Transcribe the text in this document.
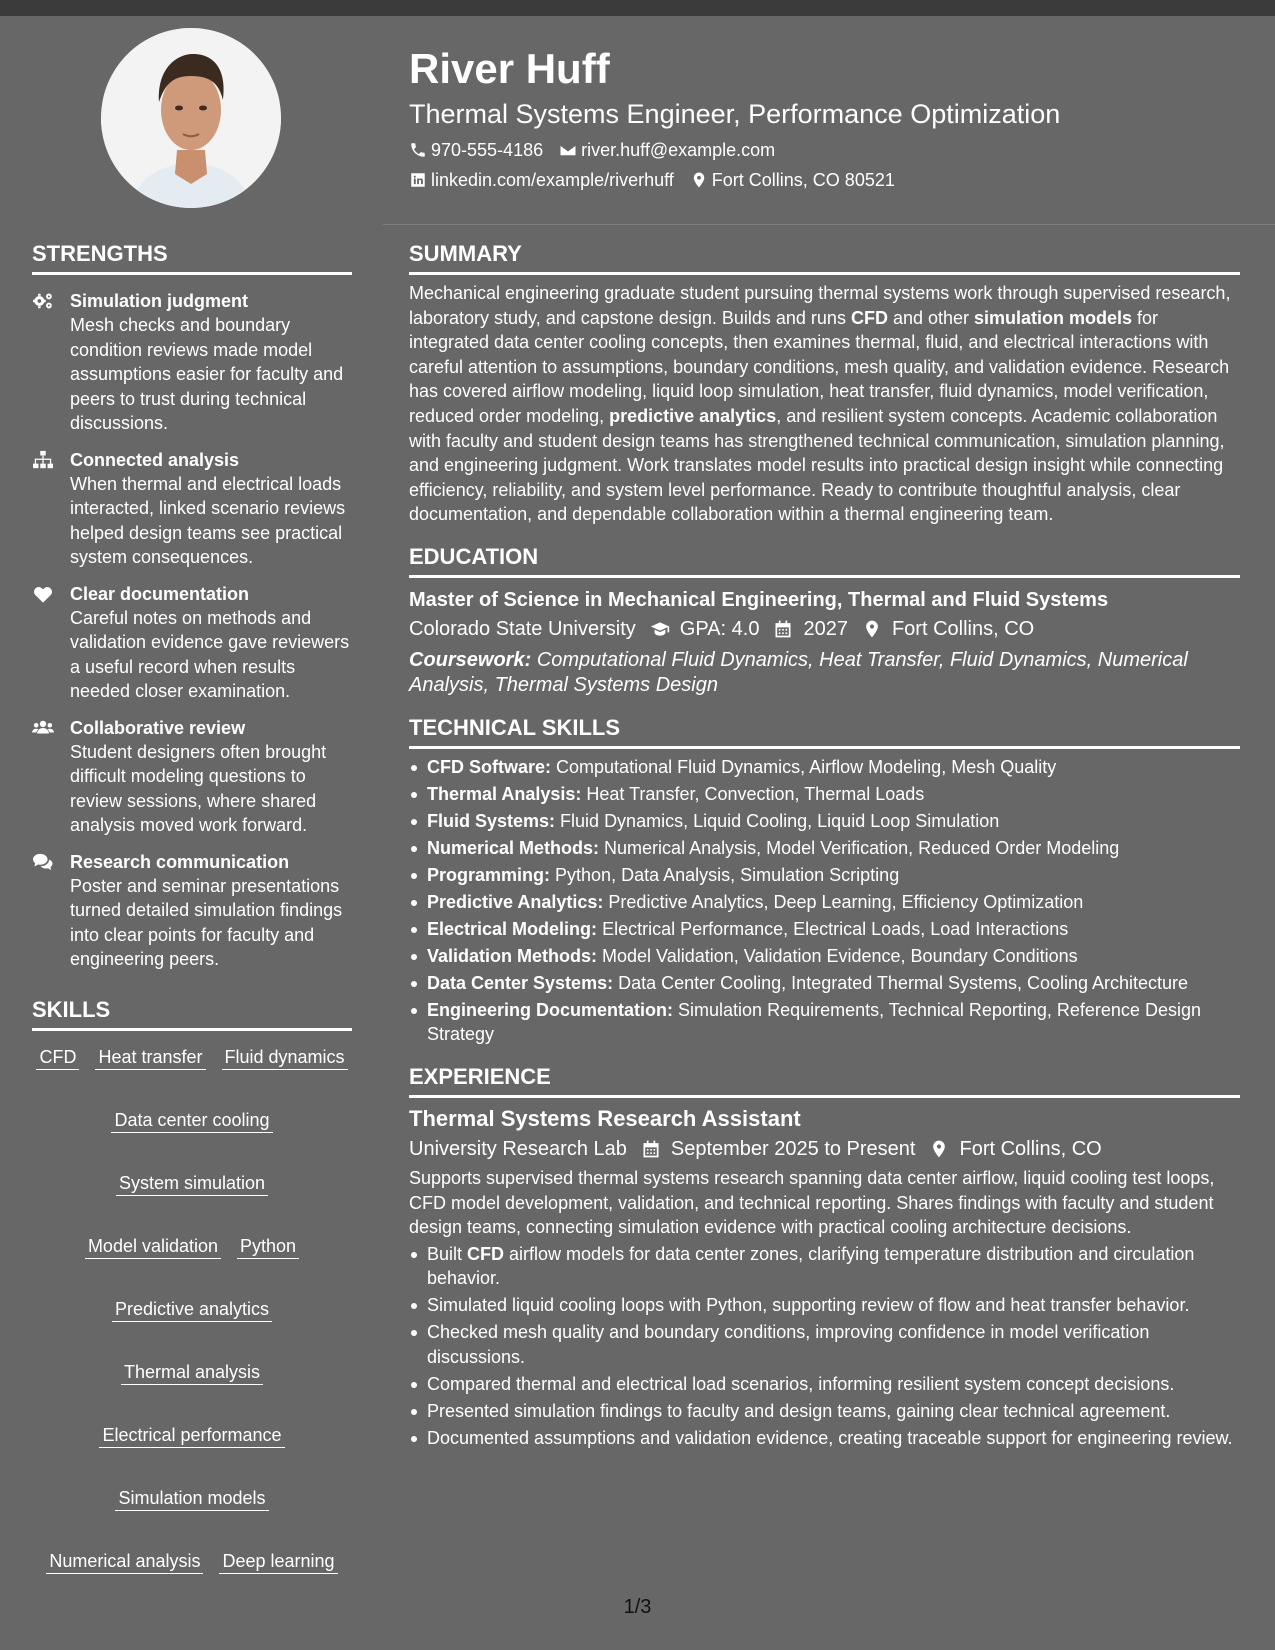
River Huff
Thermal Systems Engineer, Performance Optimization
970-555-4186 river.huff@example.com
linkedin.com/example/riverhuff Fort Collins, CO 80521
STRENGTHS
Simulation judgment
Mesh checks and boundary condition reviews made model assumptions easier for faculty and peers to trust during technical discussions.
Connected analysis
When thermal and electrical loads interacted, linked scenario reviews helped design teams see practical system consequences.
Clear documentation
Careful notes on methods and validation evidence gave reviewers a useful record when results needed closer examination.
Collaborative review
Student designers often brought difficult modeling questions to review sessions, where shared analysis moved work forward.
Research communication
Poster and seminar presentations turned detailed simulation findings into clear points for faculty and engineering peers.
SKILLS
CFD Heat transfer Fluid dynamics
Data center cooling
System simulation
Model validation Python
Predictive analytics
Thermal analysis
Electrical performance
Simulation models
Numerical analysis Deep learning
SUMMARY
Mechanical engineering graduate student pursuing thermal systems work through supervised research, laboratory study, and capstone design. Builds and runs CFD and other simulation models for integrated data center cooling concepts, then examines thermal, fluid, and electrical interactions with careful attention to assumptions, boundary conditions, mesh quality, and validation evidence. Research has covered airflow modeling, liquid loop simulation, heat transfer, fluid dynamics, model verification, reduced order modeling, predictive analytics, and resilient system concepts. Academic collaboration with faculty and student design teams has strengthened technical communication, simulation planning, and engineering judgment. Work translates model results into practical design insight while connecting efficiency, reliability, and system level performance. Ready to contribute thoughtful analysis, clear documentation, and dependable collaboration within a thermal engineering team.
EDUCATION
Master of Science in Mechanical Engineering, Thermal and Fluid Systems
Colorado State University GPA: 4.0 2027 Fort Collins, CO
Coursework: Computational Fluid Dynamics, Heat Transfer, Fluid Dynamics, Numerical Analysis, Thermal Systems Design
TECHNICAL SKILLS
CFD Software: Computational Fluid Dynamics, Airflow Modeling, Mesh Quality
Thermal Analysis: Heat Transfer, Convection, Thermal Loads
Fluid Systems: Fluid Dynamics, Liquid Cooling, Liquid Loop Simulation
Numerical Methods: Numerical Analysis, Model Verification, Reduced Order Modeling
Programming: Python, Data Analysis, Simulation Scripting
Predictive Analytics: Predictive Analytics, Deep Learning, Efficiency Optimization
Electrical Modeling: Electrical Performance, Electrical Loads, Load Interactions
Validation Methods: Model Validation, Validation Evidence, Boundary Conditions
Data Center Systems: Data Center Cooling, Integrated Thermal Systems, Cooling Architecture
Engineering Documentation: Simulation Requirements, Technical Reporting, Reference Design Strategy
EXPERIENCE
Thermal Systems Research Assistant
University Research Lab September 2025 to Present Fort Collins, CO
Supports supervised thermal systems research spanning data center airflow, liquid cooling test loops, CFD model development, validation, and technical reporting. Shares findings with faculty and student design teams, connecting simulation evidence with practical cooling architecture decisions.
Built CFD airflow models for data center zones, clarifying temperature distribution and circulation behavior.
Simulated liquid cooling loops with Python, supporting review of flow and heat transfer behavior.
Checked mesh quality and boundary conditions, improving confidence in model verification discussions.
Compared thermal and electrical load scenarios, informing resilient system concept decisions.
Presented simulation findings to faculty and design teams, gaining clear technical agreement.
Documented assumptions and validation evidence, creating traceable support for engineering review.
1/3
